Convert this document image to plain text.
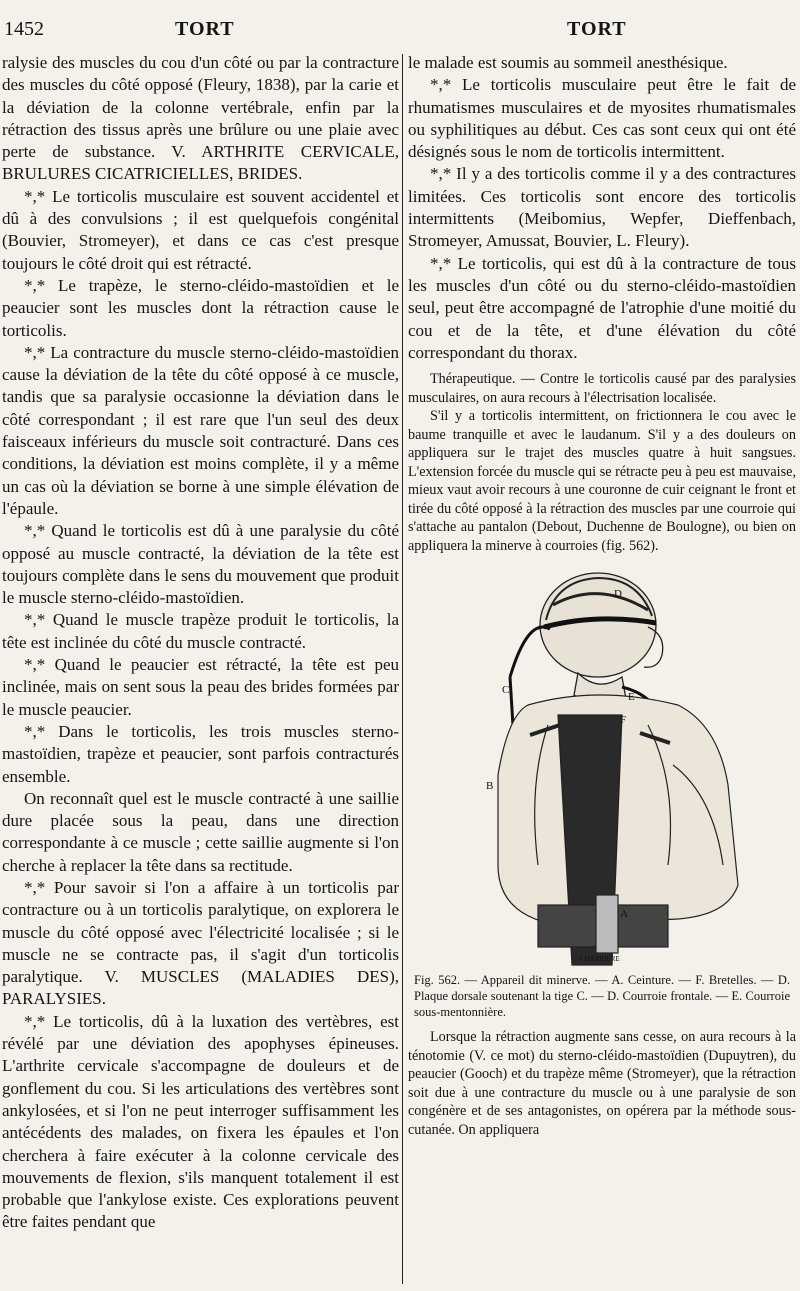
1452	TORT	TORT

ralysie des muscles du cou d'un côté ou par la contracture des muscles du côté opposé (Fleury, 1838), par la carie et la déviation de la colonne vertébrale, enfin par la rétraction des tissus après une brûlure ou une plaie avec perte de substance. V. ARTHRITE CERVICALE, BRULURES CICATRICIELLES, BRIDES.

*,* Le torticolis musculaire est souvent accidentel et dû à des convulsions ; il est quelquefois congénital (Bouvier, Stromeyer), et dans ce cas c'est presque toujours le côté droit qui est rétracté.

*,* Le trapèze, le sterno-cléido-mastoïdien et le peaucier sont les muscles dont la rétraction cause le torticolis.

*,* La contracture du muscle sterno-cléido-mastoïdien cause la déviation de la tête du côté opposé à ce muscle, tandis que sa paralysie occasionne la déviation dans le côté correspondant ; il est rare que l'un seul des deux faisceaux inférieurs du muscle soit contracturé. Dans ces conditions, la déviation est moins complète, il y a même un cas où la déviation se borne à une simple élévation de l'épaule.

*,* Quand le torticolis est dû à une paralysie du côté opposé au muscle contracté, la déviation de la tête est toujours complète dans le sens du mouvement que produit le muscle sterno-cléido-mastoïdien.

*,* Quand le muscle trapèze produit le torticolis, la tête est inclinée du côté du muscle contracté.

*,* Quand le peaucier est rétracté, la tête est peu inclinée, mais on sent sous la peau des brides formées par le muscle peaucier.

*,* Dans le torticolis, les trois muscles sterno-mastoïdien, trapèze et peaucier, sont parfois contracturés ensemble.

On reconnaît quel est le muscle contracté à une saillie dure placée sous la peau, dans une direction correspondante à ce muscle ; cette saillie augmente si l'on cherche à replacer la tête dans sa rectitude.

*,* Pour savoir si l'on a affaire à un torticolis par contracture ou à un torticolis paralytique, on explorera le muscle du côté opposé avec l'électricité localisée ; si le muscle ne se contracte pas, il s'agit d'un torticolis paralytique. V. MUSCLES (MALADIES DES), PARALYSIES.

*,* Le torticolis, dû à la luxation des vertèbres, est révélé par une déviation des apophyses épineuses. L'arthrite cervicale s'accompagne de douleurs et de gonflement du cou. Si les articulations des vertèbres sont ankylosées, et si l'on ne peut interroger suffisamment les antécédents des malades, on fixera les épaules et l'on cherchera à faire exécuter à la colonne cervicale des mouvements de flexion, s'ils manquent totalement il est probable que l'ankylose existe. Ces explorations peuvent être faites pendant que

le malade est soumis au sommeil anesthésique.

*,* Le torticolis musculaire peut être le fait de rhumatismes musculaires et de myosites rhumatismales ou syphilitiques au début. Ces cas sont ceux qui ont été désignés sous le nom de torticolis intermittent.

*,* Il y a des torticolis comme il y a des contractures limitées. Ces torticolis sont encore des torticolis intermittents (Meibomius, Wepfer, Dieffenbach, Stromeyer, Amussat, Bouvier, L. Fleury).

*,* Le torticolis, qui est dû à la contracture de tous les muscles d'un côté ou du sterno-cléido-mastoïdien seul, peut être accompagné de l'atrophie d'une moitié du cou et de la tête, et d'une élévation du côté correspondant du thorax.

Thérapeutique. — Contre le torticolis causé par des paralysies musculaires, on aura recours à l'électrisation localisée.

S'il y a torticolis intermittent, on frictionnera le cou avec le baume tranquille et avec le laudanum. S'il y a des douleurs on appliquera sur le trajet des muscles quatre à huit sangsues. L'extension forcée du muscle qui se rétracte peu à peu est mauvaise, mieux vaut avoir recours à une couronne de cuir ceignant le front et tirée du côté opposé à la rétraction des muscles par une courroie qui s'attache au pantalon (Debout, Duchenne de Boulogne), ou bien on appliquera la minerve à courroies (fig. 562).

D
C
E
F
B
A
CHARRIERE

Fig. 562. — Appareil dit minerve. — A. Ceinture. — F. Bretelles. — D. Plaque dorsale soutenant la tige C. — D. Courroie frontale. — E. Courroie sous-mentonnière.

Lorsque la rétraction augmente sans cesse, on aura recours à la ténotomie (V. ce mot) du sterno-cléido-mastoïdien (Dupuytren), du peaucier (Gooch) et du trapèze même (Stromeyer), que la rétraction soit due à une contracture du muscle ou à une paralysie de son congénère et de ses antagonistes, on opérera par la méthode sous-cutanée. On appliquera
